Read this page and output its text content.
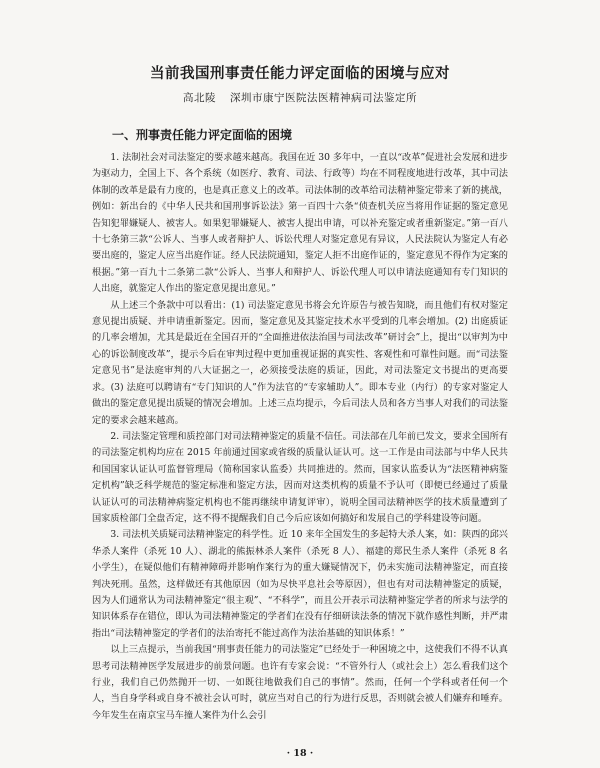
当前我国刑事责任能力评定面临的困境与应对
高北陵 深圳市康宁医院法医精神病司法鉴定所
一、刑事责任能力评定面临的困境

1. 法制社会对司法鉴定的要求越来越高。我国在近 30 多年中，一直以“改革”促进社会发展和进步为驱动力，全国上下、各个系统（如医疗、教育、司法、行政等）均在不同程度地进行改革，其中司法体制的改革是最有力度的，也是真正意义上的改革。司法体制的改革给司法精神鉴定带来了新的挑战，例如：新出台的《中华人民共和国刑事诉讼法》第一百四十六条“侦查机关应当将用作证据的鉴定意见告知犯罪嫌疑人、被害人。如果犯罪嫌疑人、被害人提出申请，可以补充鉴定或者重新鉴定。”第一百八十七条第三款“公诉人、当事人或者辩护人、诉讼代理人对鉴定意见有异议，人民法院认为鉴定人有必要出庭的，鉴定人应当出庭作证。经人民法院通知，鉴定人拒不出庭作证的，鉴定意见不得作为定案的根据。”第一百九十二条第二款“公诉人、当事人和辩护人、诉讼代理人可以申请法庭通知有专门知识的人出庭，就鉴定人作出的鉴定意见提出意见。”

从上述三个条款中可以看出：(1) 司法鉴定意见书将会允许原告与被告知晓，而且他们有权对鉴定意见提出质疑、并申请重新鉴定。因而，鉴定意见及其鉴定技术水平受到的几率会增加。(2) 出庭质证的几率会增加，尤其是最近在全国召开的“全面推进依法治国与司法改革”研讨会”上，提出“以审判为中心的诉讼制度改革”，提示今后在审判过程中更加重视证据的真实性、客观性和可靠性问题。而“司法鉴定意见书”是法庭审判的八大证据之一，必须接受法庭的质证，因此，对司法鉴定文书提出的更高要求。(3) 法庭可以聘请有“专门知识的人”作为法官的“专家辅助人”。即本专业（内行）的专家对鉴定人做出的鉴定意见提出质疑的情况会增加。上述三点均提示，今后司法人员和各方当事人对我们的司法鉴定的要求会越来越高。

2. 司法鉴定管理和质控部门对司法精神鉴定的质量不信任。司法部在几年前已发文，要求全国所有的司法鉴定机构均应在 2015 年前通过国家或省级的质量认证认可。这一工作是由司法部与中华人民共和国国家认证认可监督管理局（简称国家认监委）共同推进的。然而，国家认监委认为“法医精神病鉴定机构”缺乏科学规范的鉴定标准和鉴定方法，因而对这类机构的质量不予认可（即便已经通过了质量认证认可的司法精神病鉴定机构也不能再继续申请复评审），说明全国司法精神医学的技术质量遭到了国家质检部门全盘否定，这不得不提醒我们自己今后应该如何搞好和发展自己的学科建设等问题。

3. 司法机关质疑司法精神鉴定的科学性。近 10 来年全国发生的多起特大杀人案，如：陕西的邱兴华杀人案件（杀死 10 人）、湖北的熊振林杀人案件（杀死 8 人）、福建的郑民生杀人案件（杀死 8 名小学生），在疑似他们有精神障碍并影响作案行为的重大嫌疑情况下，仍未实施司法精神鉴定，而直接判决死刑。虽然，这样做还有其他原因（如为尽快平息社会等原因），但也有对司法精神鉴定的质疑，因为人们通常认为司法精神鉴定“很主观”、“不科学”，而且公开表示司法精神鉴定学者的所求与法学的知识体系存在错位，即认为司法精神鉴定的学者们在没有仔细研读法条的情况下就作感性判断，并严肃指出“司法精神鉴定的学者们的法治寄托不能过高作为法治基础的知识体系！”

以上三点提示，当前我国“刑事责任能力的司法鉴定”已经处于一种困境之中，这使我们不得不认真思考司法精神医学发展进步的前景问题。也许有专家会说：“不管外行人（或社会上）怎么看我们这个行业，我们自己仍然抛开一切、一如既往地做我们自己的事情”。然而，任何一个学科或者任何一个人，当自身学科或自身不被社会认可时，就应当对自己的行为进行反思，否则就会被人们嫌弃和唾弃。今年发生在南京宝马车撞人案件为什么会引

· 18 ·
